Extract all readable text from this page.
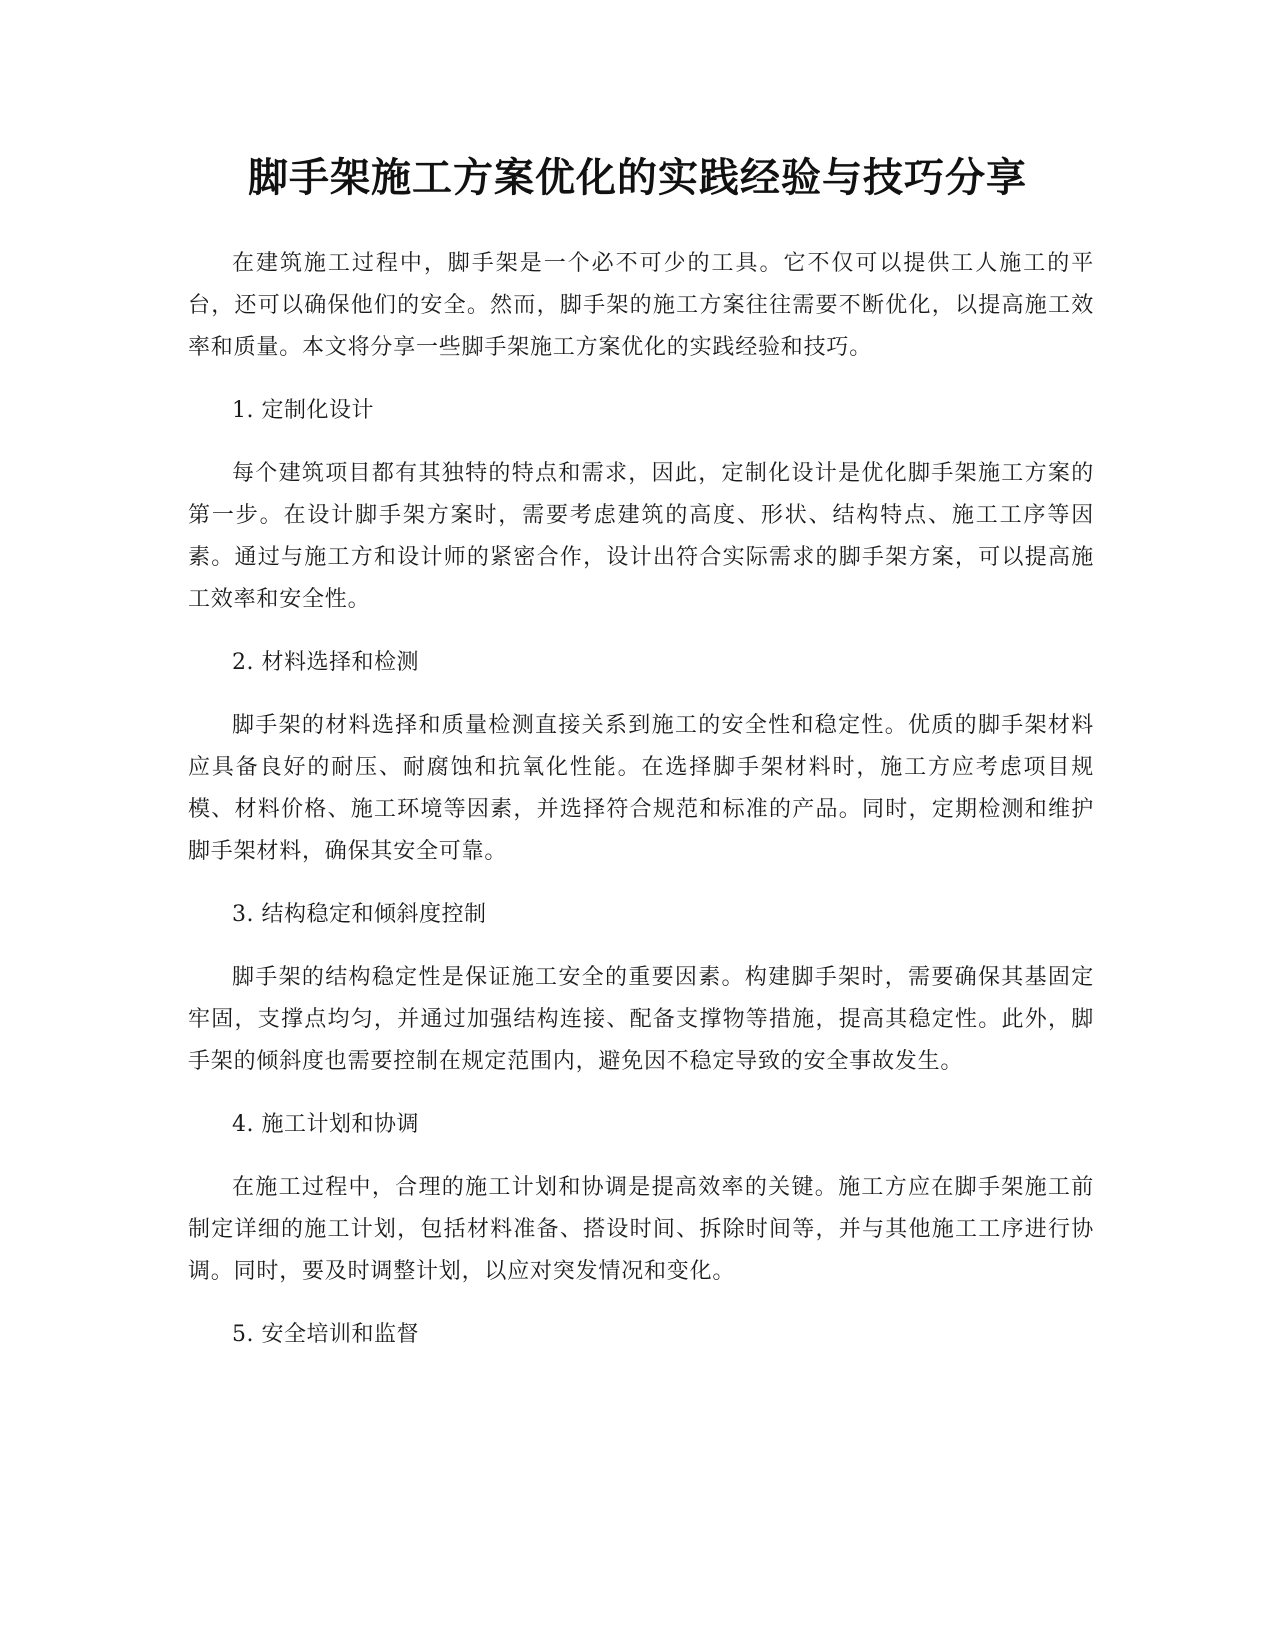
脚手架施工方案优化的实践经验与技巧分享

在建筑施工过程中，脚手架是一个必不可少的工具。它不仅可以提供工人施工的平台，还可以确保他们的安全。然而，脚手架的施工方案往往需要不断优化，以提高施工效率和质量。本文将分享一些脚手架施工方案优化的实践经验和技巧。

1. 定制化设计

每个建筑项目都有其独特的特点和需求，因此，定制化设计是优化脚手架施工方案的第一步。在设计脚手架方案时，需要考虑建筑的高度、形状、结构特点、施工工序等因素。通过与施工方和设计师的紧密合作，设计出符合实际需求的脚手架方案，可以提高施工效率和安全性。

2. 材料选择和检测

脚手架的材料选择和质量检测直接关系到施工的安全性和稳定性。优质的脚手架材料应具备良好的耐压、耐腐蚀和抗氧化性能。在选择脚手架材料时，施工方应考虑项目规模、材料价格、施工环境等因素，并选择符合规范和标准的产品。同时，定期检测和维护脚手架材料，确保其安全可靠。

3. 结构稳定和倾斜度控制

脚手架的结构稳定性是保证施工安全的重要因素。构建脚手架时，需要确保其基固定牢固，支撑点均匀，并通过加强结构连接、配备支撑物等措施，提高其稳定性。此外，脚手架的倾斜度也需要控制在规定范围内，避免因不稳定导致的安全事故发生。

4. 施工计划和协调

在施工过程中，合理的施工计划和协调是提高效率的关键。施工方应在脚手架施工前制定详细的施工计划，包括材料准备、搭设时间、拆除时间等，并与其他施工工序进行协调。同时，要及时调整计划，以应对突发情况和变化。

5. 安全培训和监督
